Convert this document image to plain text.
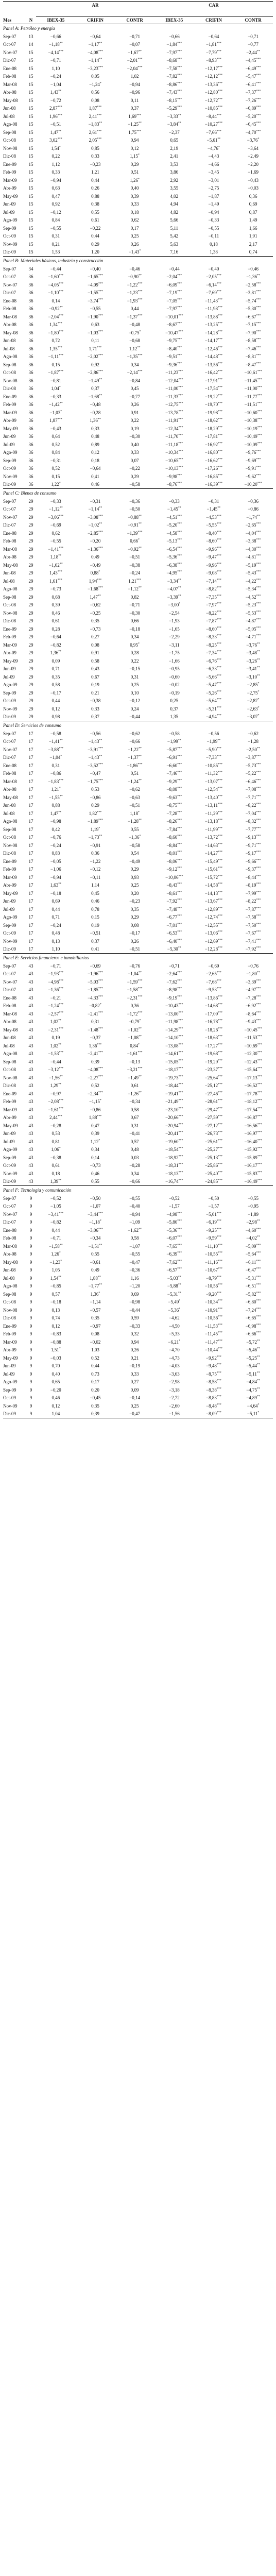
		AR			CAR		

Mes	N	IBEX-35	CRIFIN	CONTR	IBEX-35	CRIFIN	CONTR
Panel A: Petróleo y energía							
Sep-07	13	−0,66	−0,64	−0,71	−0,66	−0,64	−0,71
Oct-07	14	−1,18**	−1,17**	−0,07	−1,84***	−1,81***	−0,77
Nov-07	15	−4,14***	−4,08***	−1,67**	−7,97***	−7,79***	−2,44**
Dic-07	15	−0,71	−1,14**	−2,01***	−8,68***	−8,93***	−4,45***
Ene-08	15	1,10	−3,23***	−2,04***	−7,58***	−12,17***	−6,49***
Feb-08	15	−0,24	0,05	1,02	−7,82***	−12,12***	−5,47***
Mar-08	15	−1,04	−1,24*	−0,94	−8,86***	−13,36***	−6,41***
Abr-08	15	1,43**	0,56	−0,96	−7,43***	−12,80***	−7,37***
May-08	15	−0,72	0,08	0,11	−8,15***	−12,72***	−7,26***
Jun-08	15	2,87***	1,87***	0,37	−5,29***	−10,85***	−6,89***
Jul-08	15	1,96***	2,41***	1,69***	−3,33**	−8,44***	−5,20***
Ago-08	15	−0,51	−1,83**	−1,25**	−3,84**	−10,27***	−6,45***
Sep-08	15	1,47**	2,61***	1,75***	−2,37	−7,66***	−4,70***
Oct-08	15	3,02***	2,05***	0,94	0,65	−5,61**	−3,76*
Nov-08	15	1,54*	0,85	0,12	2,19	−4,76*	−3,64
Dic-08	15	0,22	0,33	1,15*	2,41	−4,43	−2,49
Ene-09	15	1,12	−0,23	0,29	3,53	−4,66	−2,20
Feb-09	15	0,33	1,21	0,51	3,86	−3,45	−1,69
Mar-09	15	−0,94	0,44	1,26*	2,92	−3,01	−0,43
Abr-09	15	0,63	0,26	0,40	3,55	−2,75	−0,03
May-09	15	0,47	0,88	0,39	4,02	−1,87	0,36
Jun-09	15	0,92	0,38	0,33	4,94	−1,49	0,69
Jul-09	15	−0,12	0,55	0,18	4,82	−0,94	0,87
Ago-09	15	0,84	0,61	0,62	5,66	−0,33	1,49
Sep-09	15	−0,55	−0,22	0,17	5,11	−0,55	1,66
Oct-09	15	0,31	0,44	0,25	5,42	−0,11	1,91
Nov-09	15	0,21	0,29	0,26	5,63	0,18	2,17
Dic-09	15	1,53	1,20	−1,43*	7,16	1,38	0,74
Panel B: Materiales básicos, industria y construcción							
Sep-07	34	−0,44	−0,40	−0,46	−0,44	−0,40	−0,46
Oct-07	36	−1,60***	−1,65***	−0,90**	−2,04***	−2,05***	−1,36**
Nov-07	36	−4,05***	−4,09***	−1,22***	−6,09***	−6,14***	−2,58***
Dic-07	36	−1,10***	−1,55***	−1,23***	−7,19***	−7,69***	−3,81***
Ene-08	36	0,14	−3,74***	−1,93***	−7,05***	−11,43***	−5,74***
Feb-08	36	−0,92**	−0,55	0,44	−7,97***	−11,98***	−5,30***
Mar-08	36	−2,04***	−1,90***	−1,37***	−10,01***	−13,88***	−6,67***
Abr-08	36	1,34***	0,63	−0,48	−8,67***	−13,25***	−7,15***
May-08	36	−1,80***	−1,03***	−0,75*	−10,47***	−14,28***	−7,90***
Jun-08	36	0,72	0,11	−0,68	−9,75***	−14,17***	−8,58***
Jul-08	36	1,35***	1,71***	1,12**	−8,40***	−12,46***	−7,46***
Ago-08	36	−1,11***	−2,02***	−1,35***	−9,51***	−14,48***	−8,81***
Sep-08	36	0,15	0,92	0,34	−9,36***	−13,56***	−8,47***
Oct-08	36	−1,87***	−2,86***	−2,14***	−11,23***	−16,42***	−10,61***
Nov-08	36	−0,81	−1,49**	−0,84	−12,04***	−17,91***	−11,45***
Dic-08	36	1,04*	0,37	0,45	−11,00***	−17,54***	−11,00***
Ene-09	36	−0,33	−1,68**	−0,77	−11,33***	−19,22***	−11,77***
Feb-09	36	−1,42**	−0,48	0,26	−12,75***	−19,70***	−11,51***
Mar-09	36	−1,03*	−0,28	0,91	−13,78***	−19,98***	−10,60***
Abr-09	36	1,87***	1,36**	0,22	−11,91***	−18,62***	−10,38***
May-09	36	−0,43	0,33	0,19	−12,34***	−18,29***	−10,19***
Jun-09	36	0,64	0,48	−0,30	−11,70***	−17,81***	−10,49***
Jul-09	36	0,52	0,89	0,40	−11,18***	−16,92***	−10,09***
Ago-09	36	0,84	0,12	0,33	−10,34***	−16,80***	−9,76***
Sep-09	36	−0,31	0,18	0,07	−10,65***	−16,62***	−9,69***
Oct-09	36	0,52	−0,64	−0,22	−10,13***	−17,26***	−9,91***
Nov-09	36	0,15	0,41	0,29	−9,98***	−16,85***	−9,62***
Dic-09	36	1,22*	0,46	−0,58	−8,76***	−16,39***	−10,20***
Panel C: Bienes de consumo							
Sep-07	29	−0,33	−0,31	−0,36	−0,33	−0,31	−0,36
Oct-07	29	−1,12**	−1,14**	−0,50	−1,45**	−1,45**	−0,86
Nov-07	29	−3,06***	−3,08***	−0,88**	−4,51***	−4,53***	−1,74**
Dic-07	29	−0,69	−1,02**	−0,91**	−5,20***	−5,55***	−2,65***
Ene-08	29	0,62	−2,85***	−1,39***	−4,58***	−8,40***	−4,04***
Feb-08	29	−0,55	−0,20	0,66*	−5,13***	−8,60***	−3,38***
Mar-08	29	−1,41***	−1,36***	−0,92**	−6,54***	−9,96***	−4,30***
Abr-08	29	1,18**	0,49	−0,51	−5,36***	−9,47***	−4,81***
May-08	29	−1,02**	−0,49	−0,38	−6,38***	−9,96***	−5,19***
Jun-08	29	1,43***	0,88*	−0,24	−4,95***	−9,08***	−5,43***
Jul-08	29	1,61***	1,94***	1,21***	−3,34**	−7,14***	−4,22***
Ago-08	29	−0,73	−1,68***	−1,12**	−4,07**	−8,82***	−5,34***
Sep-08	29	0,68	1,47**	0,82	−3,39**	−7,35***	−4,52***
Oct-08	29	0,39	−0,62	−0,71	−3,00*	−7,97***	−5,23***
Nov-08	29	0,46	−0,25	−0,30	−2,54	−8,22***	−5,53***
Dic-08	29	0,61	0,35	0,66	−1,93	−7,87***	−4,87***
Ene-09	29	0,28	−0,73	−0,18	−1,65	−8,60***	−5,05***
Feb-09	29	−0,64	0,27	0,34	−2,29	−8,33***	−4,71***
Mar-09	29	−0,82	0,08	0,95*	−3,11	−8,25***	−3,76**
Abr-09	29	1,36**	0,91	0,28	−1,75	−7,34***	−3,48**
May-09	29	0,09	0,58	0,22	−1,66	−6,76***	−3,26**
Jun-09	29	0,71	0,43	−0,15	−0,95	−6,33***	−3,41**
Jul-09	29	0,35	0,67	0,31	−0,60	−5,66***	−3,10**
Ago-09	29	0,58	0,19	0,25	−0,02	−5,47***	−2,85*
Sep-09	29	−0,17	0,21	0,10	−0,19	−5,26***	−2,75*
Oct-09	29	0,44	−0,38	−0,12	0,25	−5,64***	−2,87*
Nov-09	29	0,12	0,33	0,24	0,37	−5,31***	−2,63*
Dic-09	29	0,98	0,37	−0,44	1,35	−4,94***	−3,07*
Panel D: Servicios de consumo							
Sep-07	17	−0,58	−0,56	−0,62	−0,58	−0,56	−0,62
Oct-07	17	−1,41**	−1,43**	−0,66	−1,99**	−1,99**	−1,28
Nov-07	17	−3,88***	−3,91***	−1,22**	−5,87***	−5,90***	−2,50**
Dic-07	17	−1,04*	−1,43**	−1,37**	−6,91***	−7,33***	−3,87***
Ene-08	17	0,31	−3,52***	−1,86***	−6,60***	−10,85***	−5,73***
Feb-08	17	−0,86	−0,47	0,51	−7,46***	−11,32***	−5,22***
Mar-08	17	−1,83***	−1,75***	−1,24**	−9,29***	−13,07***	−6,46***
Abr-08	17	1,21*	0,53	−0,62	−8,08***	−12,54***	−7,08***
May-08	17	−1,55**	−0,86	−0,63	−9,63***	−13,40***	−7,71***
Jun-08	17	0,88	0,29	−0,51	−8,75***	−13,11***	−8,22***
Jul-08	17	1,47**	1,82***	1,18*	−7,28***	−11,29***	−7,04***
Ago-08	17	−0,98	−1,89***	−1,28**	−8,26***	−13,18***	−8,32***
Sep-08	17	0,42	1,19*	0,55	−7,84***	−11,99***	−7,77***
Oct-08	17	−0,76	−1,73**	−1,36*	−8,60***	−13,72***	−9,13***
Nov-08	17	−0,24	−0,91	−0,58	−8,84***	−14,63***	−9,71***
Dic-08	17	0,83	0,36	0,54	−8,01***	−14,27***	−9,17***
Ene-09	17	−0,05	−1,22	−0,49	−8,06***	−15,49***	−9,66***
Feb-09	17	−1,06	−0,12	0,29	−9,12***	−15,61***	−9,37***
Mar-09	17	−0,94	−0,11	0,93	−10,06***	−15,72***	−8,44***
Abr-09	17	1,63**	1,14	0,25	−8,43***	−14,58***	−8,19***
May-09	17	−0,18	0,45	0,20	−8,61***	−14,13***	−7,99***
Jun-09	17	0,69	0,46	−0,23	−7,92***	−13,67***	−8,22***
Jul-09	17	0,44	0,78	0,35	−7,48***	−12,89***	−7,87***
Ago-09	17	0,71	0,15	0,29	−6,77***	−12,74***	−7,58***
Sep-09	17	−0,24	0,19	0,08	−7,01***	−12,55***	−7,50***
Oct-09	17	0,48	−0,51	−0,17	−6,53***	−13,06***	−7,67***
Nov-09	17	0,13	0,37	0,26	−6,40***	−12,69***	−7,41***
Dic-09	17	1,10	0,41	−0,51	−5,30**	−12,28***	−7,92***
Panel E: Servicios financieros e inmobiliarios							
Sep-07	43	−0,71	−0,69	−0,76	−0,71	−0,69	−0,76
Oct-07	43	−1,93***	−1,96***	−1,04**	−2,64***	−2,65***	−1,80**
Nov-07	43	−4,98***	−5,03***	−1,59***	−7,62***	−7,68***	−3,39***
Dic-07	43	−1,36***	−1,85***	−1,58***	−8,98***	−9,53***	−4,97***
Ene-08	43	−0,21	−4,33***	−2,31***	−9,19***	−13,86***	−7,28***
Feb-08	43	−1,24***	−0,82*	0,36	−10,43***	−14,68***	−6,92***
Mar-08	43	−2,57***	−2,41***	−1,72***	−13,00***	−17,09***	−8,64***
Abr-08	43	1,02**	0,31	−0,79*	−11,98***	−16,78***	−9,43***
May-08	43	−2,31***	−1,48***	−1,02**	−14,29***	−18,26***	−10,45***
Jun-08	43	0,19	−0,37	−1,08**	−14,10***	−18,63***	−11,53***
Jul-08	43	1,02**	1,36***	0,84*	−13,08***	−17,27***	−10,69***
Ago-08	43	−1,53***	−2,41***	−1,61***	−14,61***	−19,68***	−12,30***
Sep-08	43	−0,44	0,39	−0,13	−15,05***	−19,29***	−12,43***
Oct-08	43	−3,12***	−4,08***	−3,21***	−18,17***	−23,37***	−15,64***
Nov-08	43	−1,56**	−2,27***	−1,49**	−19,73***	−25,64***	−17,13***
Dic-08	43	1,29**	0,52	0,61	−18,44***	−25,12***	−16,52***
Ene-09	43	−0,97	−2,34***	−1,26**	−19,41***	−27,46***	−17,78***
Feb-09	43	−2,08***	−1,15*	−0,34	−21,49***	−28,61***	−18,12***
Mar-09	43	−1,61***	−0,86	0,58	−23,10***	−29,47***	−17,54***
Abr-09	43	2,44***	1,88***	0,67	−20,66***	−27,59***	−16,87***
May-09	43	−0,28	0,47	0,31	−20,94***	−27,12***	−16,56***
Jun-09	43	0,53	0,39	−0,41	−20,41***	−26,73***	−16,97***
Jul-09	43	0,81	1,12*	0,57	−19,60***	−25,61***	−16,40***
Ago-09	43	1,06*	0,34	0,48	−18,54***	−25,27***	−15,92***
Sep-09	43	−0,38	0,14	0,03	−18,92***	−25,13***	−15,89***
Oct-09	43	0,61	−0,73	−0,28	−18,31***	−25,86***	−16,17***
Nov-09	43	0,18	0,46	0,34	−18,13***	−25,40***	−15,83***
Dic-09	43	1,39**	0,55	−0,66	−16,74***	−24,85***	−16,49***
Panel F: Tecnología y comunicación							
Sep-07	9	−0,52	−0,50	−0,55	−0,52	−0,50	−0,55
Oct-07	9	−1,05	−1,07	−0,40	−1,57	−1,57	−0,95
Nov-07	9	−3,41***	−3,44***	−0,94	−4,98***	−5,01***	−1,89
Dic-07	9	−0,82	−1,18*	−1,09	−5,80***	−6,19***	−2,98**
Ene-08	9	0,44	−3,06***	−1,62**	−5,36***	−9,25***	−4,60***
Feb-08	9	−0,71	−0,34	0,58	−6,07***	−9,59***	−4,02**
Mar-08	9	−1,58**	−1,51**	−1,07	−7,65***	−11,10***	−5,09***
Abr-08	9	1,26*	0,55	−0,55	−6,39***	−10,55***	−5,64***
May-08	9	−1,23*	−0,61	−0,47	−7,62***	−11,16***	−6,11***
Jun-08	9	1,05	0,49	−0,36	−6,57***	−10,67***	−6,47***
Jul-08	9	1,54**	1,88**	1,16	−5,03**	−8,79***	−5,31***
Ago-08	9	−0,85	−1,77**	−1,20	−5,88**	−10,56***	−6,51***
Sep-08	9	0,57	1,36*	0,69	−5,31**	−9,20***	−5,82***
Oct-08	9	−0,18	−1,14	−0,98	−5,49*	−10,34***	−6,80***
Nov-08	9	0,13	−0,57	−0,44	−5,36*	−10,91***	−7,24***
Dic-08	9	0,74	0,35	0,59	−4,62	−10,56***	−6,65***
Ene-09	9	0,12	−0,97	−0,33	−4,50	−11,53***	−6,98***
Feb-09	9	−0,83	0,08	0,32	−5,33	−11,45***	−6,66***
Mar-09	9	−0,88	−0,02	0,94	−6,21*	−11,47***	−5,72**
Abr-09	9	1,51*	1,03	0,26	−4,70	−10,44***	−5,46**
May-09	9	−0,03	0,52	0,21	−4,73	−9,92***	−5,25**
Jun-09	9	0,70	0,44	−0,19	−4,03	−9,48***	−5,44**
Jul-09	9	0,40	0,73	0,33	−3,63	−8,75***	−5,11**
Ago-09	9	0,65	0,17	0,27	−2,98	−8,58***	−4,84**
Sep-09	9	−0,20	0,20	0,09	−3,18	−8,38***	−4,75**
Oct-09	9	0,46	−0,45	−0,14	−2,72	−8,83***	−4,89**
Nov-09	9	0,12	0,35	0,25	−2,60	−8,48***	−4,64*
Dic-09	9	1,04	0,39	−0,47	−1,56	−8,09***	−5,11*
